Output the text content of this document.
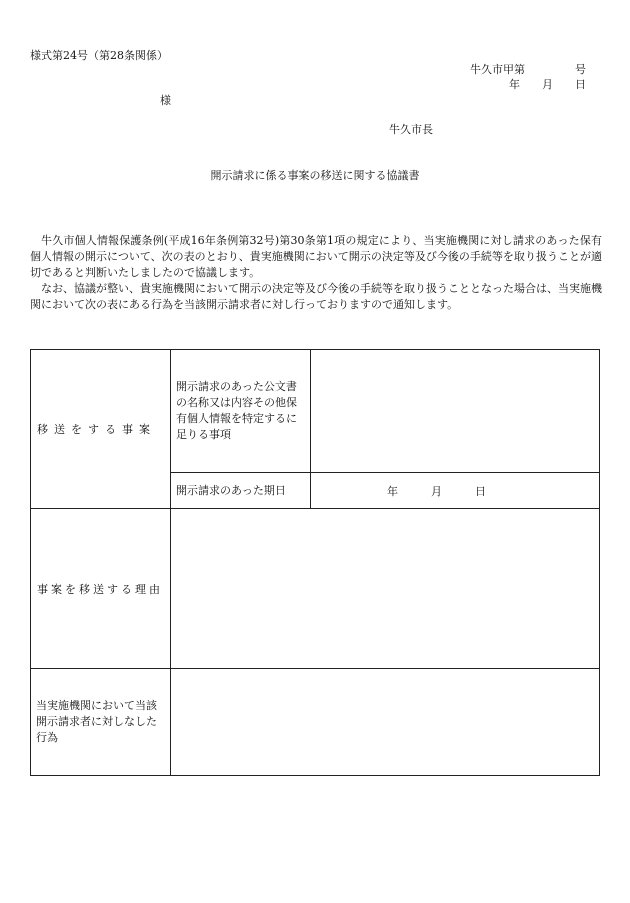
様式第24号（第28条関係）
牛久市甲第	号
年 月 日
様
牛久市長
開示請求に係る事案の移送に関する協議書

牛久市個人情報保護条例(平成16年条例第32号)第30条第1項の規定により、当実施機関に対し請求のあった保有個人情報の開示について、次の表のとおり、貴実施機関において開示の決定等及び今後の手続等を取り扱うことが適切であると判断いたしましたので協議します。

なお、協議が整い、貴実施機関において開示の決定等及び今後の手続等を取り扱うこととなった場合は、当実施機関において次の表にある行為を当該開示請求者に対し行っておりますので通知します。

移送をする事案	開示請求のあった公文書の名称又は内容その他保有個人情報を特定するに足りる事項	
	開示請求のあった期日	年 月 日

事案を移送する理由		
当実施機関において当該開示請求者に対しなした行為		
